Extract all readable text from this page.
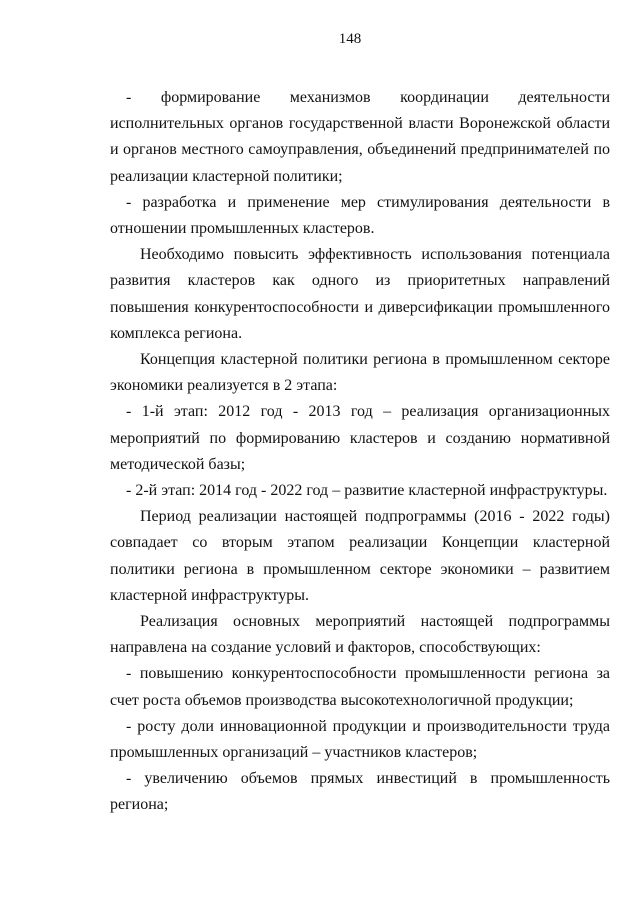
148

- формирование механизмов координации деятельности исполнительных органов государственной власти Воронежской области и органов местного самоуправления, объединений предпринимателей по реализации кластерной политики;

- разработка и применение мер стимулирования деятельности в отношении промышленных кластеров.

Необходимо повысить эффективность использования потенциала развития кластеров как одного из приоритетных направлений повышения конкурентоспособности и диверсификации промышленного комплекса региона.

Концепция кластерной политики региона в промышленном секторе экономики реализуется в 2 этапа:

- 1-й этап: 2012 год - 2013 год – реализация организационных мероприятий по формированию кластеров и созданию нормативной методической базы;

- 2-й этап: 2014 год - 2022 год – развитие кластерной инфраструктуры.

Период реализации настоящей подпрограммы (2016 - 2022 годы) совпадает со вторым этапом реализации Концепции кластерной политики региона в промышленном секторе экономики – развитием кластерной инфраструктуры.

Реализация основных мероприятий настоящей подпрограммы направлена на создание условий и факторов, способствующих:

- повышению конкурентоспособности промышленности региона за счет роста объемов производства высокотехнологичной продукции;

- росту доли инновационной продукции и производительности труда промышленных организаций – участников кластеров;

- увеличению объемов прямых инвестиций в промышленность региона;
